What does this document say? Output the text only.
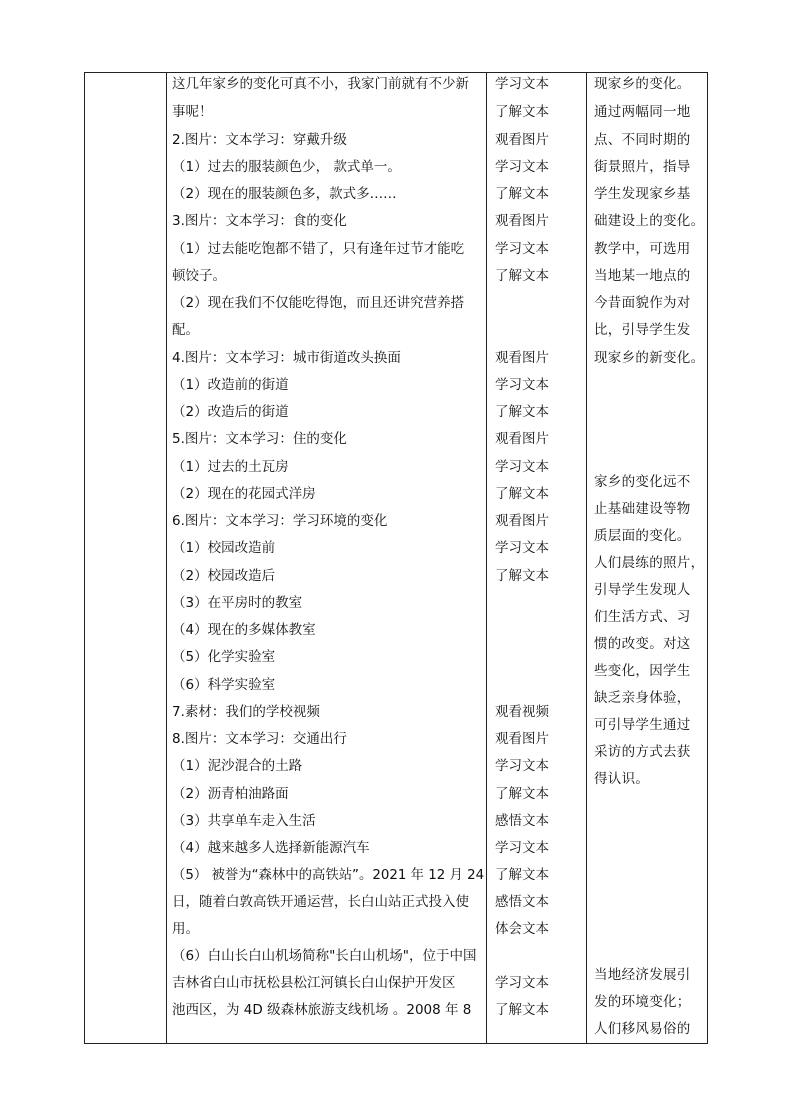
这几年家乡的变化可真不小，我家门前就有不少新
事呢！
2.图片：文本学习：穿戴升级
（1）过去的服装颜色少， 款式单一。
（2）现在的服装颜色多，款式多……
3.图片：文本学习：食的变化
（1）过去能吃饱都不错了，只有逢年过节才能吃
顿饺子。
（2）现在我们不仅能吃得饱，而且还讲究营养搭
配。
4.图片：文本学习：城市街道改头换面
（1）改造前的街道
（2）改造后的街道
5.图片：文本学习：住的变化
（1）过去的土瓦房
（2）现在的花园式洋房
6.图片：文本学习：学习环境的变化
（1）校园改造前
（2）校园改造后
（3）在平房时的教室
（4）现在的多媒体教室
（5）化学实验室
（6）科学实验室
7.素材：我们的学校视频
8.图片：文本学习：交通出行
（1）泥沙混合的土路
（2）沥青柏油路面
（3）共享单车走入生活
（4）越来越多人选择新能源汽车
（5） 被誉为“森林中的高铁站”。2021 年 12 月 24
日，随着白敦高铁开通运营，长白山站正式投入使
用。
（6）白山长白山机场简称"长白山机场"，位于中国
吉林省白山市抚松县松江河镇长白山保护开发区
池西区，为 4D 级森林旅游支线机场 。2008 年 8
学习文本
了解文本
观看图片
学习文本
了解文本
观看图片
学习文本
了解文本
观看图片
学习文本
了解文本
观看图片
学习文本
了解文本
观看图片
学习文本
了解文本
观看视频
观看图片
学习文本
了解文本
感悟文本
学习文本
了解文本
感悟文本
体会文本
学习文本
了解文本
现家乡的变化。
通过两幅同一地
点、不同时期的
街景照片，指导
学生发现家乡基
础建设上的变化。
教学中，可选用
当地某一地点的
今昔面貌作为对
比，引导学生发
现家乡的新变化。
家乡的变化远不
止基础建设等物
质层面的变化。
人们晨练的照片，
引导学生发现人
们生活方式、习
惯的改变。对这
些变化，因学生
缺乏亲身体验，
可引导学生通过
采访的方式去获
得认识。
当地经济发展引
发的环境变化；
人们移风易俗的
